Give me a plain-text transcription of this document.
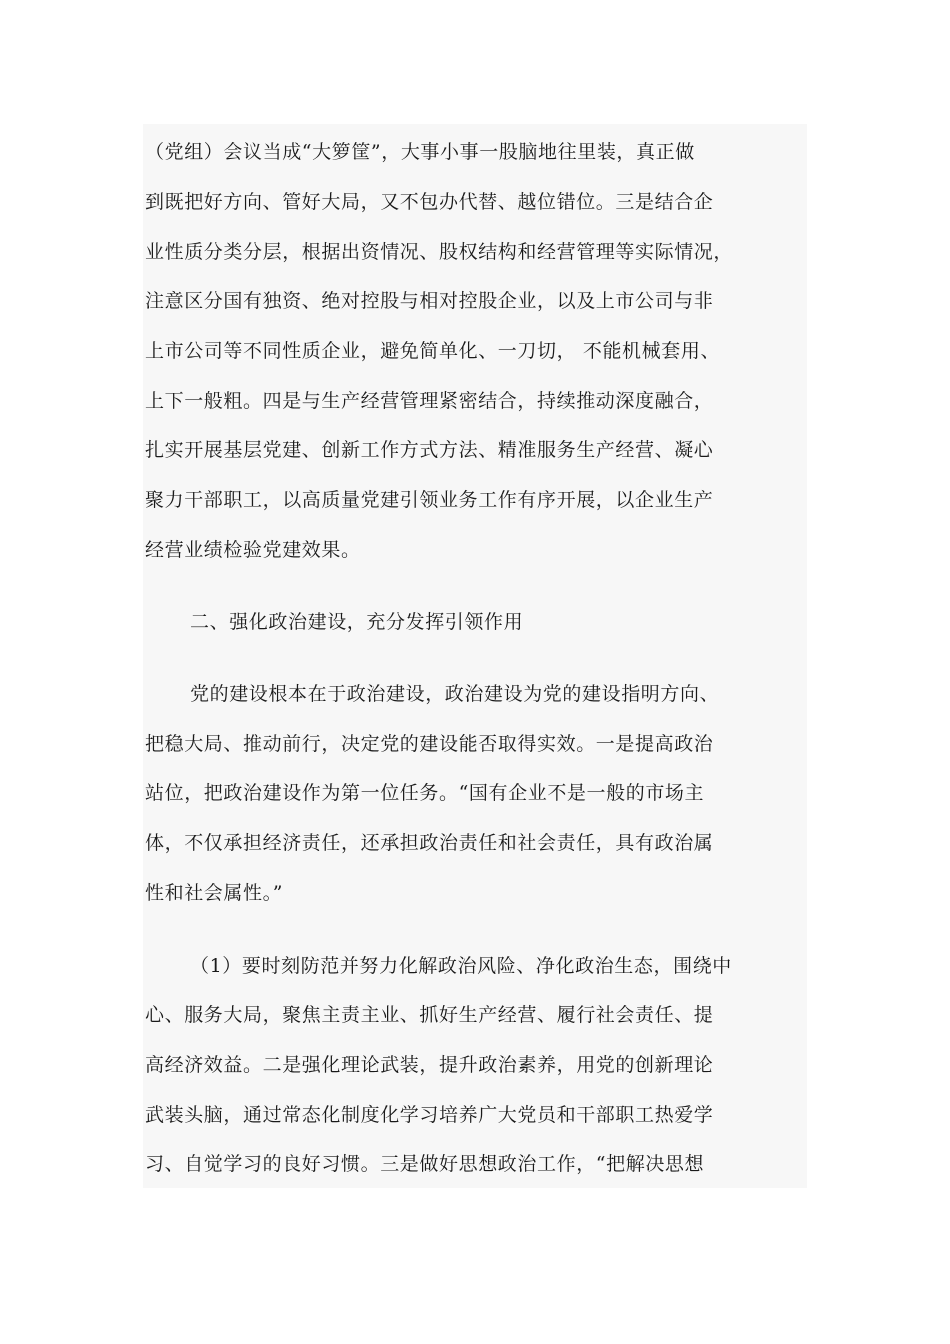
（党组）会议当成“大箩筐”，大事小事一股脑地往里装，真正做
到既把好方向、管好大局，又不包办代替、越位错位。三是结合企
业性质分类分层，根据出资情况、股权结构和经营管理等实际情况，
注意区分国有独资、绝对控股与相对控股企业，以及上市公司与非
上市公司等不同性质企业，避免简单化、一刀切， 不能机械套用、
上下一般粗。四是与生产经营管理紧密结合，持续推动深度融合，
扎实开展基层党建、创新工作方式方法、精准服务生产经营、凝心
聚力干部职工，以高质量党建引领业务工作有序开展，以企业生产
经营业绩检验党建效果。
二、强化政治建设，充分发挥引领作用
党的建设根本在于政治建设，政治建设为党的建设指明方向、
把稳大局、推动前行，决定党的建设能否取得实效。一是提高政治
站位，把政治建设作为第一位任务。“国有企业不是一般的市场主
体，不仅承担经济责任，还承担政治责任和社会责任，具有政治属
性和社会属性。”
（1）要时刻防范并努力化解政治风险、净化政治生态，围绕中
心、服务大局，聚焦主责主业、抓好生产经营、履行社会责任、提
高经济效益。二是强化理论武装，提升政治素养，用党的创新理论
武装头脑，通过常态化制度化学习培养广大党员和干部职工热爱学
习、自觉学习的良好习惯。三是做好思想政治工作，“把解决思想
